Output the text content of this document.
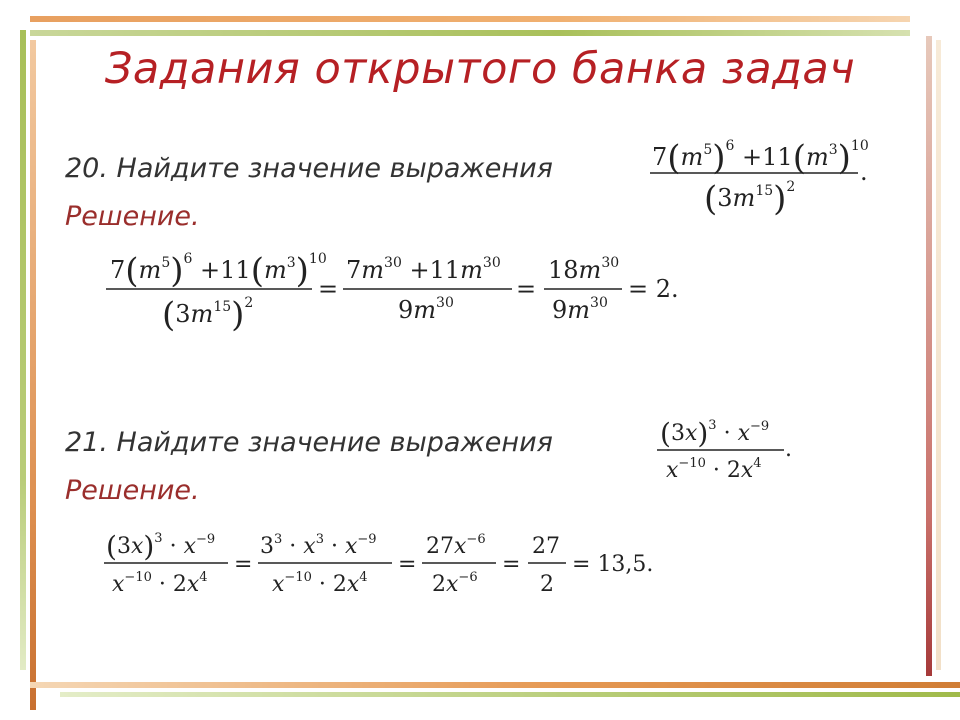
Задания открытого банка задач
20. Найдите значение выражения
Решение.
21. Найдите значение выражения
Решение.
$7(m^5)^6 +11(m^3)^{10}$
$(3m^{15})^2$
.
$7(m^5)^6 +11(m^3)^{10}$
$(3m^{15})^2$	=
$7m^{30} +11m^{30}$
$9m^{30}$	=
$18m^{30}$
$9m^{30} = 2$.
$(3x)^3 \cdot x^{-9}$
$x^{-10} \cdot 2x^4$
.
$(3x)^3 \cdot x^{-9}$
$x^{-10} \cdot 2x^4$
=
$3^3 \cdot x^3 \cdot x^{-9}$
$x^{-10} \cdot 2x^4$
=
$27x^{-6}$
$2x^{-6}$
=
27
2
= 13,5.
